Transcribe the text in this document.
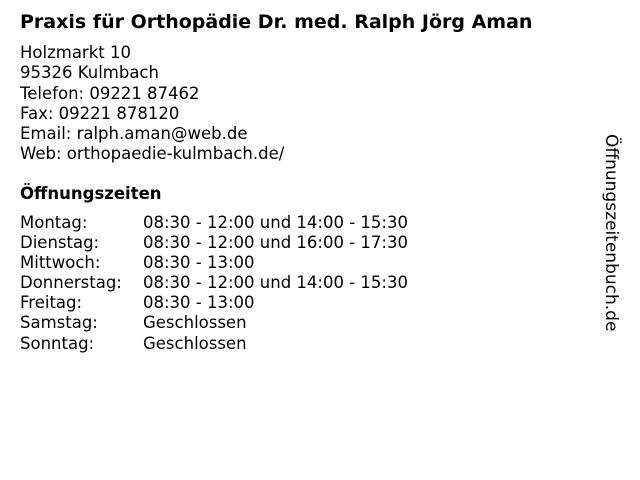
Praxis für Orthopädie Dr. med. Ralph Jörg Aman
Holzmarkt 10
95326 Kulmbach
Telefon: 09221 87462
Fax: 09221 878120
Email: ralph.aman@web.de
Web: orthopaedie-kulmbach.de/
Öffnungszeiten
Montag:	08:30 - 12:00 und 14:00 - 15:30
Dienstag:	08:30 - 12:00 und 16:00 - 17:30
Mittwoch:	08:30 - 13:00
Donnerstag: 08:30 - 12:00 und 14:00 - 15:30
Freitag:	08:30 - 13:00
Samstag:	Geschlossen
Sonntag:	Geschlossen
Öffnungszeitenbuch.de
